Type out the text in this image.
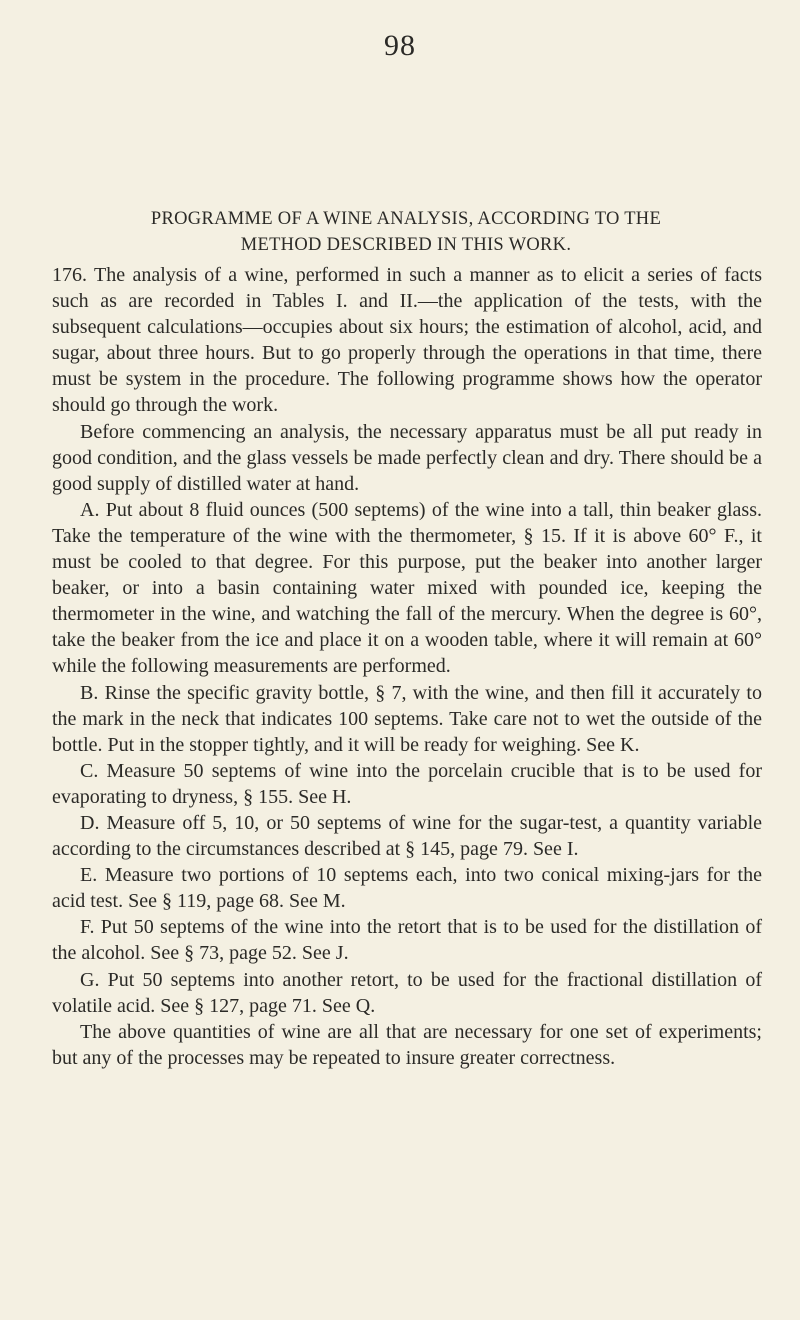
98
PROGRAMME OF A WINE ANALYSIS, ACCORDING TO THE
METHOD DESCRIBED IN THIS WORK.

176. The analysis of a wine, performed in such a manner as to elicit a series of facts such as are recorded in Tables I. and II.—the application of the tests, with the subsequent calculations—occupies about six hours; the estimation of alcohol, acid, and sugar, about three hours. But to go properly through the operations in that time, there must be system in the procedure. The following programme shows how the operator should go through the work.

Before commencing an analysis, the necessary apparatus must be all put ready in good condition, and the glass vessels be made perfectly clean and dry. There should be a good supply of distilled water at hand.

A. Put about 8 fluid ounces (500 septems) of the wine into a tall, thin beaker glass. Take the temperature of the wine with the thermometer, § 15. If it is above 60° F., it must be cooled to that degree. For this purpose, put the beaker into another larger beaker, or into a basin containing water mixed with pounded ice, keeping the thermometer in the wine, and watching the fall of the mercury. When the degree is 60°, take the beaker from the ice and place it on a wooden table, where it will remain at 60° while the following measurements are performed.

B. Rinse the specific gravity bottle, § 7, with the wine, and then fill it accurately to the mark in the neck that indicates 100 septems. Take care not to wet the outside of the bottle. Put in the stopper tightly, and it will be ready for weighing. See K.

C. Measure 50 septems of wine into the porcelain crucible that is to be used for evaporating to dryness, § 155. See H.

D. Measure off 5, 10, or 50 septems of wine for the sugar-test, a quantity variable according to the circumstances described at § 145, page 79. See I.

E. Measure two portions of 10 septems each, into two conical mixing-jars for the acid test. See § 119, page 68. See M.

F. Put 50 septems of the wine into the retort that is to be used for the distillation of the alcohol. See § 73, page 52. See J.

G. Put 50 septems into another retort, to be used for the fractional distillation of volatile acid. See § 127, page 71. See Q.

The above quantities of wine are all that are necessary for one set of experiments; but any of the processes may be repeated to insure greater correctness.
